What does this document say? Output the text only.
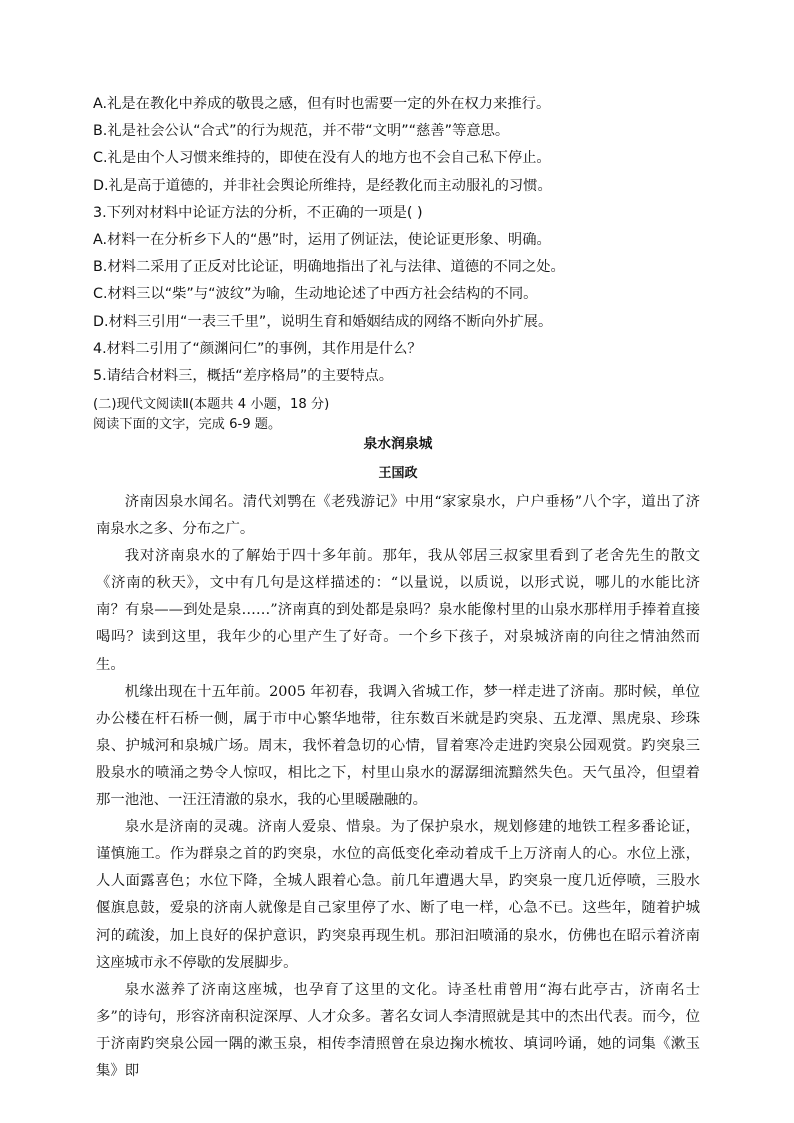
A.礼是在教化中养成的敬畏之感，但有时也需要一定的外在权力来推行。

B.礼是社会公认“合式”的行为规范，并不带“文明”“慈善”等意思。

C.礼是由个人习惯来维持的，即使在没有人的地方也不会自己私下停止。

D.礼是高于道德的，并非社会舆论所维持，是经教化而主动服礼的习惯。

3.下列对材料中论证方法的分析，不正确的一项是( )

A.材料一在分析乡下人的“愚”时，运用了例证法，使论证更形象、明确。

B.材料二采用了正反对比论证，明确地指出了礼与法律、道德的不同之处。

C.材料三以“柴”与“波纹”为喻，生动地论述了中西方社会结构的不同。

D.材料三引用“一表三千里”，说明生育和婚姻结成的网络不断向外扩展。

4.材料二引用了“颜渊问仁”的事例，其作用是什么？

5.请结合材料三，概括“差序格局”的主要特点。

(二)现代文阅读Ⅱ(本题共 4 小题，18 分)

阅读下面的文字，完成 6-9 题。

泉水润泉城

王国政

济南因泉水闻名。清代刘鹗在《老残游记》中用“家家泉水，户户垂杨”八个字，道出了济南泉水之多、分布之广。

我对济南泉水的了解始于四十多年前。那年，我从邻居三叔家里看到了老舍先生的散文《济南的秋天》，文中有几句是这样描述的：“以量说，以质说，以形式说，哪儿的水能比济南？有泉——到处是泉……”济南真的到处都是泉吗？泉水能像村里的山泉水那样用手捧着直接喝吗？读到这里，我年少的心里产生了好奇。一个乡下孩子，对泉城济南的向往之情油然而生。

机缘出现在十五年前。2005 年初春，我调入省城工作，梦一样走进了济南。那时候，单位办公楼在杆石桥一侧，属于市中心繁华地带，往东数百米就是趵突泉、五龙潭、黑虎泉、珍珠泉、护城河和泉城广场。周末，我怀着急切的心情，冒着寒冷走进趵突泉公园观赏。趵突泉三股泉水的喷涌之势令人惊叹，相比之下，村里山泉水的潺潺细流黯然失色。天气虽冷，但望着那一池池、一汪汪清澈的泉水，我的心里暖融融的。

泉水是济南的灵魂。济南人爱泉、惜泉。为了保护泉水，规划修建的地铁工程多番论证，谨慎施工。作为群泉之首的趵突泉，水位的高低变化牵动着成千上万济南人的心。水位上涨，人人面露喜色；水位下降，全城人跟着心急。前几年遭遇大旱，趵突泉一度几近停喷，三股水偃旗息鼓，爱泉的济南人就像是自己家里停了水、断了电一样，心急不已。这些年，随着护城河的疏浚，加上良好的保护意识，趵突泉再现生机。那汩汩喷涌的泉水，仿佛也在昭示着济南这座城市永不停歇的发展脚步。

泉水滋养了济南这座城，也孕育了这里的文化。诗圣杜甫曾用“海右此亭古，济南名士多”的诗句，形容济南积淀深厚、人才众多。著名女词人李清照就是其中的杰出代表。而今，位于济南趵突泉公园一隅的漱玉泉，相传李清照曾在泉边掬水梳妆、填词吟诵，她的词集《漱玉集》即
